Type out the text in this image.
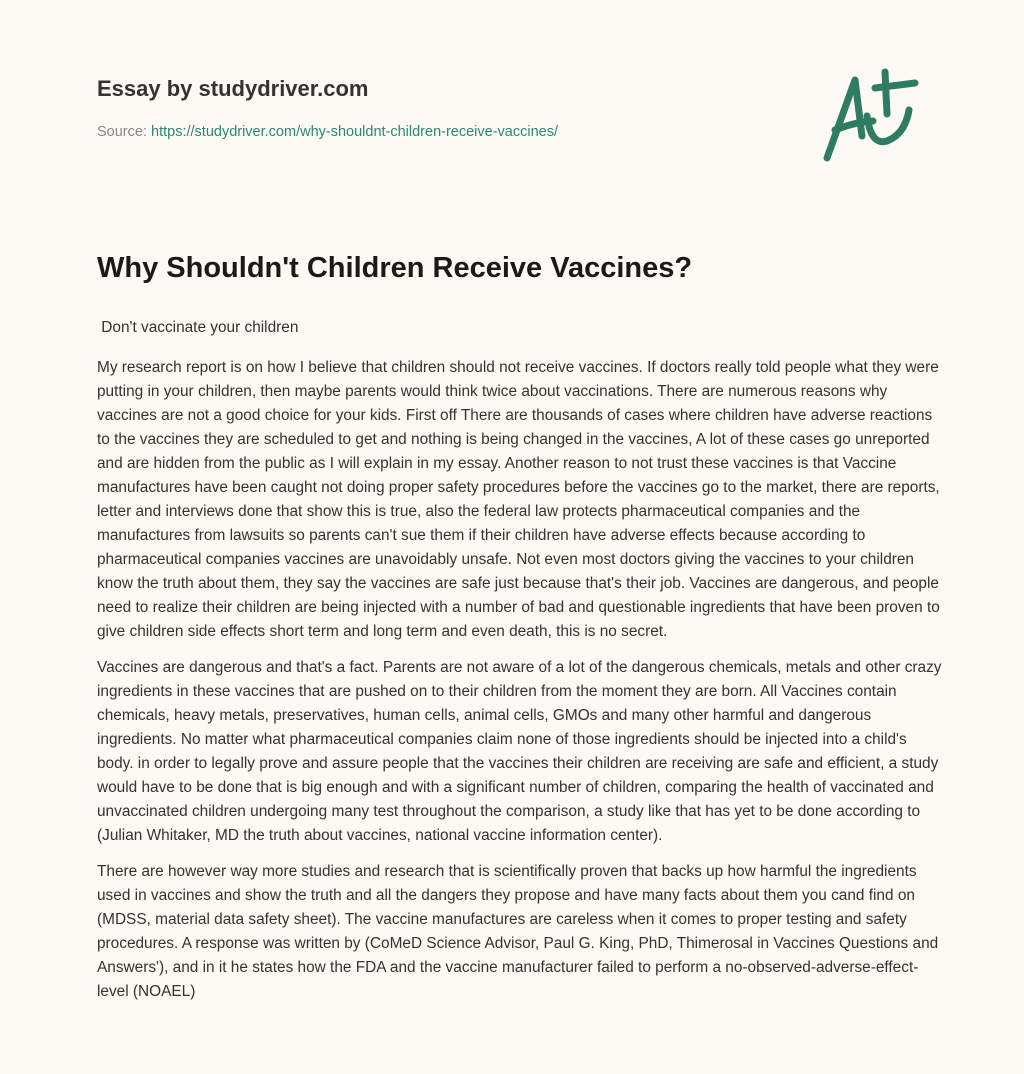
Essay by studydriver.com
Source: https://studydriver.com/why-shouldnt-children-receive-vaccines/
Why Shouldn't Children Receive Vaccines?

Don't vaccinate your children

My research report is on how I believe that children should not receive vaccines. If doctors really told people what they were putting in your children, then maybe parents would think twice about vaccinations. There are numerous reasons why vaccines are not a good choice for your kids. First off There are thousands of cases where children have adverse reactions to the vaccines they are scheduled to get and nothing is being changed in the vaccines, A lot of these cases go unreported and are hidden from the public as I will explain in my essay. Another reason to not trust these vaccines is that Vaccine manufactures have been caught not doing proper safety procedures before the vaccines go to the market, there are reports, letter and interviews done that show this is true, also the federal law protects pharmaceutical companies and the manufactures from lawsuits so parents can't sue them if their children have adverse effects because according to pharmaceutical companies vaccines are unavoidably unsafe. Not even most doctors giving the vaccines to your children know the truth about them, they say the vaccines are safe just because that's their job. Vaccines are dangerous, and people need to realize their children are being injected with a number of bad and questionable ingredients that have been proven to give children side effects short term and long term and even death, this is no secret.

Vaccines are dangerous and that's a fact. Parents are not aware of a lot of the dangerous chemicals, metals and other crazy ingredients in these vaccines that are pushed on to their children from the moment they are born. All Vaccines contain chemicals, heavy metals, preservatives, human cells, animal cells, GMOs and many other harmful and dangerous ingredients. No matter what pharmaceutical companies claim none of those ingredients should be injected into a child's body. in order to legally prove and assure people that the vaccines their children are receiving are safe and efficient, a study would have to be done that is big enough and with a significant number of children, comparing the health of vaccinated and unvaccinated children undergoing many test throughout the comparison, a study like that has yet to be done according to (Julian Whitaker, MD the truth about vaccines, national vaccine information center).

There are however way more studies and research that is scientifically proven that backs up how harmful the ingredients used in vaccines and show the truth and all the dangers they propose and have many facts about them you cand find on (MDSS, material data safety sheet). The vaccine manufactures are careless when it comes to proper testing and safety procedures. A response was written by (CoMeD Science Advisor, Paul G. King, PhD, Thimerosal in Vaccines Questions and Answers'), and in it he states how the FDA and the vaccine manufacturer failed to perform a no-observed-adverse-effect-level (NOAEL)
